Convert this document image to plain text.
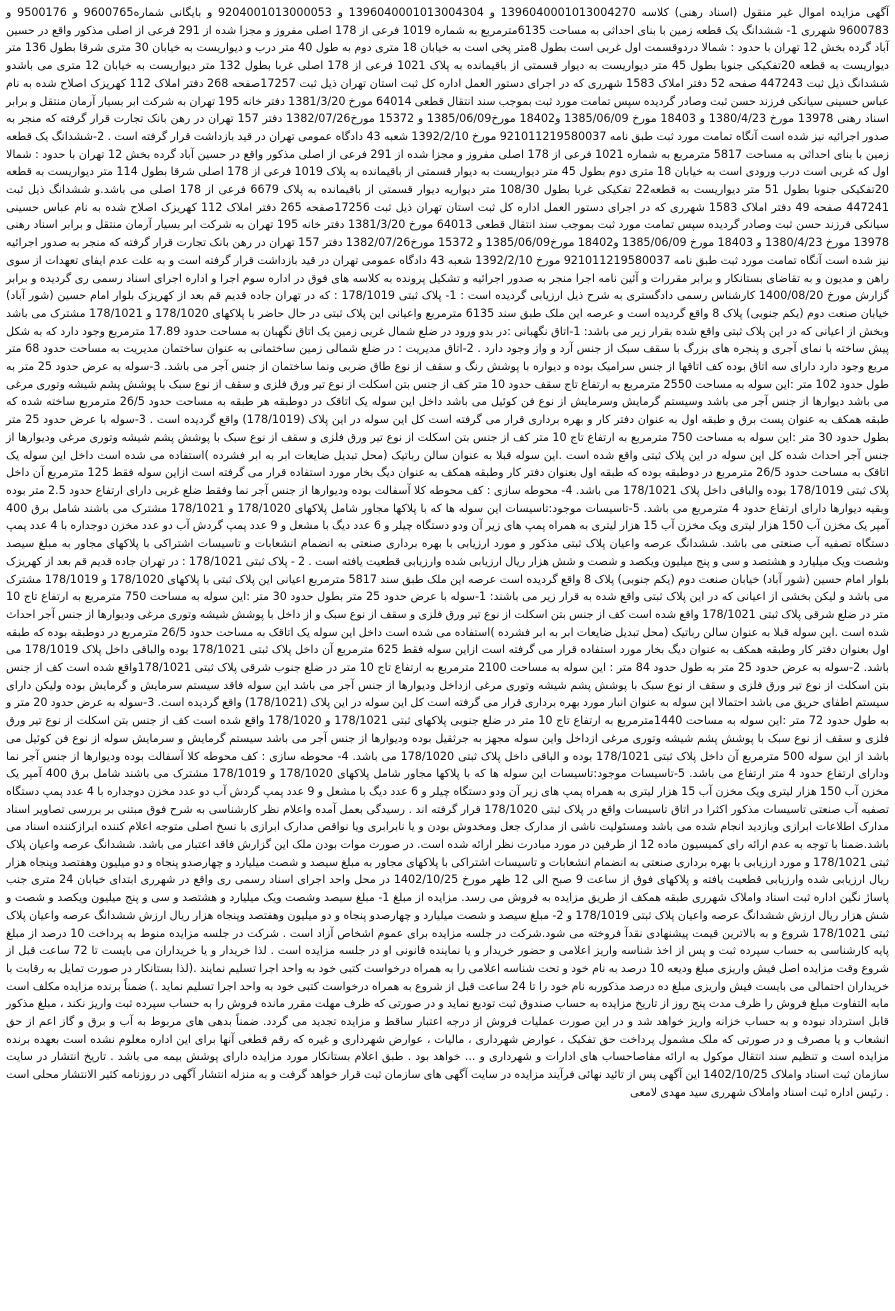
آگهی مزایده اموال غیر منقول (اسناد رهنی) کلاسه 1396040001013004270 و 1396040001013004304 و 9204001013000053 و بایگانی شماره9600765 و 9500176 و 9600783 شهرری 1- ششدانگ یک قطعه زمین با بنای احداثی به مساحت 6135مترمربع به شماره 1019 فرعی از 178 اصلی مفروز و مجزا شده از 291 فرعی از اصلی مذکور واقع در حسین آباد گرده بخش 12 تهران با حدود : شمالا دردوقسمت اول غربی است بطول 8متر پخی است به خیابان 18 متری دوم به طول 40 متر درب و دیواریست به خیابان 30 متری شرقا بطول 136 متر دیواریست به قطعه 20تفکیکی جنوبا بطول 45 متر دیواریست به دیوار قسمتی از باقیمانده به پلاک 1021 فرعی از 178 اصلی غربا بطول 132 متر دیواریست به خیابان 12 متری می باشدو ششدانگ ذیل ثبت 447243 صفحه 52 دفتر املاک 1583 شهرری که در اجرای دستور العمل اداره کل ثبت استان تهران ذیل ثبت 17257صفحه 268 دفتر املاک 112 کهریزک اصلاح شده به نام عباس حسینی سیانکی فرزند حسن ثبت وصادر گردیده سپس تمامت مورد ثبت بموجب سند انتقال قطعی 64014 مورخ 1381/3/20 دفتر خانه 195 تهران به شرکت ابر بسیار آرمان منتقل و برابر اسناد رهنی 13978 مورخ 1380/4/23 و 18403 مورخ 1385/06/09 و18402 مورخ1385/06/09 و 15372 مورخ1382/07/26 دفتر 157 تهران در رهن بانک تجارت قرار گرفته که منجر به صدور اجرائیه نیز شده است آنگاه تمامت مورد ثبت طبق نامه 921011219580037 مورخ 1392/2/10 شعبه 43 دادگاه عمومی تهران در قید بازداشت قرار گرفته است . 2-ششدانگ یک قطعه زمین با بنای احداثی به مساحت 5817 مترمربع به شماره 1021 فرعی از 178 اصلی مفروز و مجزا شده از 291 فرعی از اصلی مذکور واقع در حسین آباد گرده بخش 12 تهران با حدود : شمالا اول که غربی است درب ورودی است به خیابان 18 متری دوم بطول 45 متر دیواریست به دیوار قسمتی از باقیمانده به پلاک 1019 فرعی از 178 اصلی شرقا بطول 114 متر دیواریست به قطعه 20تفکیکی جنوبا بطول 51 متر دیواریست به قطعه22 تفکیکی غربا بطول 108/30 متر دیواریه دیوار قسمتی از باقیمانده به پلاک 6679 فرعی از 178 اصلی می باشد.و ششدانگ ذیل ثبت 447241 صفحه 49 دفتر املاک 1583 شهرری که در اجرای دستور العمل اداره کل ثبت استان تهران ذیل ثبت 17256صفحه 265 دفتر املاک 112 کهریزک اصلاح شده به نام عباس حسینی سیانکی فرزند حسن ثبت وصادر گردیده سپس تمامت مورد ثبت بموجب سند انتقال قطعی 64013 مورخ 1381/3/20 دفتر خانه 195 تهران به شرکت ابر بسیار آرمان منتقل و برابر اسناد رهنی 13978 مورخ 1380/4/23 و 18403 مورخ 1385/06/09 و18402 مورخ1385/06/09 و 15372 مورخ1382/07/26 دفتر 157 تهران در رهن بانک تجارت قرار گرفته که منجر به صدور اجرائیه نیز شده است آنگاه تمامت مورد ثبت طبق نامه 921011219580037 مورخ 1392/2/10 شعبه 43 دادگاه عمومی تهران در قید بازداشت قرار گرفته است و به علت عدم ایفای تعهدات از سوی راهن و مدیون و به تقاضای بستانکار و برابر مقررات و آئین نامه اجرا منجر به صدور اجرائیه و تشکیل پرونده به کلاسه های فوق در اداره سوم اجرا و اداره اجرای اسناد رسمی ری گردیده و برابر گزارش مورخ 1400/08/20 کارشناس رسمی دادگستری به شرح ذیل ارزیابی گردیده است : 1- پلاک ثبتی 178/1019 : که در تهران جاده قدیم قم بعد از کهریزک بلوار امام حسین (شور آباد) خیابان صنعت دوم (یکم جنوبی) پلاک 8 واقع گردیده است و عرصه این ملک طبق سند 6135 مترمربع واعیانی این پلاک ثبتی در حال حاضر با پلاکهای 178/1020 و 178/1021 مشترک می باشد وبخش از اعیانی که در این پلاک ثبتی واقع شده بقرار زیر می باشد: 1-اتاق نگهبانی :در بدو ورود در ضلع شمال غربی زمین یک اتاق نگهبان به مساحت حدود 17.89 مترمربع وجود دارد که به شکل پیش ساخته با نمای آجری و پنجره های بزرگ با سقف سبک از جنس آرد و واز وجود دارد . 2-اتاق مدیریت : در ضلع شمالی زمین ساختمانی به عنوان ساختمان مدیریت به مساحت حدود 68 متر مربع وجود دارد دارای سه اتاق بوده کف اتاقها از جنس سرامیک بوده و دیواره با پوشش رنگ و سقف از نوع طاق ضربی ونما ساختمان از جنس آجر می باشد. 3-سوله به عرض حدود 25 متر به طول حدود 102 متر :این سوله به مساحت 2550 مترمربع به ارتفاع تاج سقف حدود 10 متر کف از جنس بتن اسکلت از نوع تیر ورق فلزی و سقف از نوع سبک با پوشش پشم شیشه وتوری مرغی می باشد دیوارها از جنس آجر می باشد وسیستم گرمایش وسرمایش از نوع فن کوئیل می باشد داخل این سوله یک اتاقک در دوطبقه هر طبقه به مساحت حدود 26/5 مترمربع ساخته شده که طبقه همکف به عنوان پست برق و طبقه اول به عنوان دفتر کار و بهره برداری قرار می گرفته است کل این سوله در این پلاک (178/1019) واقع گردیده است . 3-سوله با عرض حدود 25 متر بطول حدود 30 متر :این سوله به مساحت 750 مترمربع به ارتفاع تاج 10 متر کف از جنس بتن اسکلت از نوع تیر ورق فلزی و سقف از نوع سبک با پوشش پشم شیشه وتوری مرغی ودیوارها از جنس آجر احداث شده کل این سوله در این پلاک ثبتی واقع شده است .این سوله قبلا به عنوان سالن رباتیک (محل تبدیل ضایعات ابر به ابر فشرده )استفاده می شده است داخل این سوله یک اتاقک به مساحت حدود 26/5 مترمربع در دوطبقه بوده که طبقه اول بعنوان دفتر کار وطبقه همکف به عنوان دیگ بخار مورد استفاده قرار می گرفته است ازاین سوله فقط 125 مترمربع آن داخل پلاک ثبتی 178/1019 بوده والباقی داخل پلاک 178/1021 می باشد. 4- محوطه سازی : کف محوطه کلا آسفالت بوده ودیوارها از جنس آجر نما وفقط ضلع غربی دارای ارتفاع حدود 2.5 متر بوده وبقیه دیوارها دارای ارتفاع حدود 4 مترمربع می باشد. 5-تاسیسات موجود:تاسیسات این سوله ها که با پلاکها مجاور شامل پلاکهای 178/1020 و 178/1021 مشترک می باشند شامل برق 400 آمپر یک مخزن آب 150 هزار لیتری ویک مخزن آب 15 هزار لیتری به همراه پمپ های زیر آن ودو دستگاه چیلر و 6 عدد دیگ با مشعل و 9 عدد پمپ گردش آب دو عدد مخزن دوجداره با 4 عدد پمپ دستگاه تصفیه آب صنعتی می باشد. ششدانگ عرصه واعیان پلاک ثبتی مذکور و مورد ارزیابی با بهره برداری صنعتی به انضمام انشعابات و تاسیسات اشتراکی با پلاکهای مجاور به مبلغ سیصد وشصت ویک میلیارد و هشتصد و سی و پنج میلیون ویکصد و شصت و شش هزار ریال ارزیابی شده وارزیابی قطعیت یافته است . 2 - پلاک ثبتی 178/1021 : در تهران جاده قدیم قم بعد از کهریزک بلوار امام حسین (شور آباد) خیابان صنعت دوم (یکم جنوبی) پلاک 8 واقع گردیده است عرصه این ملک طبق سند 5817 مترمربع اعیانی این پلاک ثبتی با پلاکهای 178/1020 و 178/1019 مشترک می باشد و لیکن بخشی از اعیانی که در این پلاک ثبتی واقع شده به قرار زیر می باشند: 1-سوله با عرض حدود 25 متر بطول حدود 30 متر :این سوله به مساحت 750 مترمربع به ارتفاع تاج 10 متر در ضلع شرقی پلاک ثبتی 178/1021 واقع شده است کف از جنس بتن اسکلت از نوع تیر ورق فلزی و سقف از نوع سبک و از داخل با پوشش شیشه وتوری مرغی ودیوارها از جنس آجر احداث شده است .این سوله قبلا به عنوان سالن رباتیک (محل تبدیل ضایعات ابر به ابر فشرده )استفاده می شده است داخل این سوله یک اتاقک به مساحت حدود 26/5 مترمربع در دوطبقه بوده که طبقه اول بعنوان دفتر کار وطبقه همکف به عنوان دیگ بخار مورد استفاده قرار می گرفته است ازاین سوله فقط 625 مترمربع آن داخل پلاک ثبتی 178/1021 بوده والباقی داخل پلاک 178/1019 می باشد. 2-سوله به عرض حدود 25 متر به طول حدود 84 متر : این سوله به مساحت 2100 مترمربع به ارتفاع تاج 10 متر در ضلع جنوب شرقی پلاک ثبتی 178/1021واقع شده است کف از جنس بتن اسکلت از نوع تیر ورق فلزی و سقف از نوع سبک با پوشش پشم شیشه وتوری مرغی ازداخل ودیوارها از جنس آجر می باشد این سوله فاقد سیستم سرمایش و گرمایش بوده ولیکن دارای سیستم اطفای حریق می باشد احتمالا این سوله به عنوان انبار مورد بهره برداری قرار می گرفته است کل این سوله در این پلاک (178/1021) واقع گردیده است. 3-سوله به عرض حدود 20 متر و به طول حدود 72 متر :این سوله به مساحت 1440مترمربع به ارتفاع تاج 10 متر در ضلع جنوبی پلاکهای ثبتی 178/1021 و 178/1020 واقع شده است کف از جنس بتن اسکلت از نوع تیر ورق فلزی و سقف از نوع سبک با پوشش پشم شیشه وتوری مرغی ازداخل واین سوله مجهز به جرثقیل بوده ودیوارها از جنس آجر می باشد سیستم گرمایش و سرمایش سوله از نوع فن کوئیل می باشد از این سوله 500 مترمربع آن داخل پلاک ثبتی 178/1021 بوده و الباقی داخل پلاک ثبتی 178/1020 می باشد. 4- محوطه سازی : کف محوطه کلا آسفالت بوده ودیوارها از جنس آجر نما ودارای ارتفاع حدود 4 متر ارتفاع می باشد. 5-تاسیسات موجود:تاسیسات این سوله ها که با پلاکها مجاور شامل پلاکهای 178/1020 و 178/1019 مشترک می باشند شامل برق 400 آمپر یک مخزن آب 150 هزار لیتری ویک مخزن آب 15 هزار لیتری به همراه پمپ های زیر آن ودو دستگاه چیلر و 6 عدد دیگ با مشعل و 9 عدد پمپ گردش آب دو عدد مخزن دوجداره با 4 عدد پمپ دستگاه تصفیه آب صنعتی تاسیسات مذکور اکثرا در اتاق تاسیسات واقع در پلاک ثبتی 178/1020 قرار گرفته اند . رسیدگی بعمل آمده واعلام نظر کارشناسی به شرح فوق مبتنی بر بررسی تصاویر اسناد مدارک اطلاعات ابرازی وبازدید انجام شده می باشد ومسئولیت ناشی از مدارک جعل ومخدوش بودن و یا نابرابری ویا نواقص مدارک ابرازی با نسخ اصلی متوجه اعلام کننده ابرازکننده اسناد می باشد.ضمنا با توجه به عدم ارائه رای کمیسیون ماده 12 از طرفین در مورد مبادرت نظر ارائه شده است. در صورت موات بودن ملک این گزارش فاقد اعتبار می باشد. ششدانگ عرصه واعیان پلاک ثبتی 178/1021 و مورد ارزیابی با بهره برداری صنعتی به انضمام انشعابات و تاسیسات اشتراکی با پلاکهای مجاور به مبلغ سیصد و شصت میلیارد و چهارصدو پنجاه و دو میلیون وهفتصد وپنجاه هزار ریال ارزیابی شده وارزیابی قطعیت یافته و پلاکهای فوق از ساعت 9 صبح الی 12 ظهر مورخ 1402/10/25 در محل واحد اجرای اسناد رسمی ری واقع در شهرری ابتدای خیابان 24 متری جنب پاساژ نگین اداره ثبت اسناد واملاک شهرری طبقه همکف از طریق مزایده به فروش می رسد. مزایده از مبلغ 1- مبلغ سیصد وشصت ویک میلیارد و هشتصد و سی و پنج میلیون ویکصد و شصت و شش هزار ریال ارزش ششدانگ عرصه واعیان پلاک ثبتی 178/1019 و 2- مبلغ سیصد و شصت میلیارد و چهارصدو پنجاه و دو میلیون وهفتصد وپنجاه هزار ریال ارزش ششدانگ عرصه واعیان پلاک ثبتی 178/1021 شروع و به بالاترین قیمت پیشنهادی نقدآ فروخته می شود.شرکت در جلسه مزایده برای عموم اشخاص آزاد است . شرکت در جلسه مزایده منوط به پرداخت 10 درصد از مبلغ پایه کارشناسی به حساب سپرده ثبت و پس از اخذ شناسه واریز اعلامی و حضور خریدار و یا نماینده قانونی او در جلسه مزایده است . لذا خریدار و یا خریداران می بایست تا 72 ساعت قبل از شروع وقت مزایده اصل فیش واریزی مبلغ ودیعه 10 درصد به نام خود و تحت شناسه اعلامی را به همراه درخواست کتبی خود به واحد اجرا تسلیم نمایند .(لذا بستانکار در صورت تمایل به رقابت با خریداران احتمالی می بایست فیش واریزی مبلغ ده درصد مذکوربه نام خود را تا 24 ساعت قبل از شروع به همراه درخواست کتبی خود به واحد اجرا تسلیم نماید .) ضمناً برنده مزایده مکلف است مابه التفاوت مبلغ فروش را ظرف مدت پنج روز از تاریخ مزایده به حساب صندوق ثبت تودیع نماید و در صورتی که ظرف مهلت مقرر مانده فروش را به حساب سپرده ثبت واریز نکند ، مبلغ مذکور قابل استرداد نبوده و به حساب خزانه واریز خواهد شد و در این صورت عملیات فروش از درجه اعتبار ساقط و مزایده تجدید می گردد. ضمناً بدهی های مربوط به آب و برق و گاز اعم از حق انشعاب و یا مصرف و در صورتی که ملک مشمول پرداخت حق تفکیک ، عوارض شهرداری ، مالیات ، عوارض شهرداری و غیره که رقم قطعی آنها برای این اداره معلوم نشده است بعهده برنده مزایده است و تنظیم سند انتقال موکول به ارائه مفاصاحساب های ادارات و شهرداری و ... خواهد بود . طبق اعلام بستانکار مورد مزایده دارای پوشش بیمه می باشد . تاریخ انتشار در سایت سازمان ثبت اسناد واملاک 1402/10/25 این آگهی پس از تائید نهائی فرآیند مزایده در سایت آگهی های سازمان ثبت قرار خواهد گرفت و به منزله انتشار آگهی در روزنامه کثیر الانتشار محلی است . رئیس اداره ثبت اسناد واملاک شهرری سید مهدی لامعی
